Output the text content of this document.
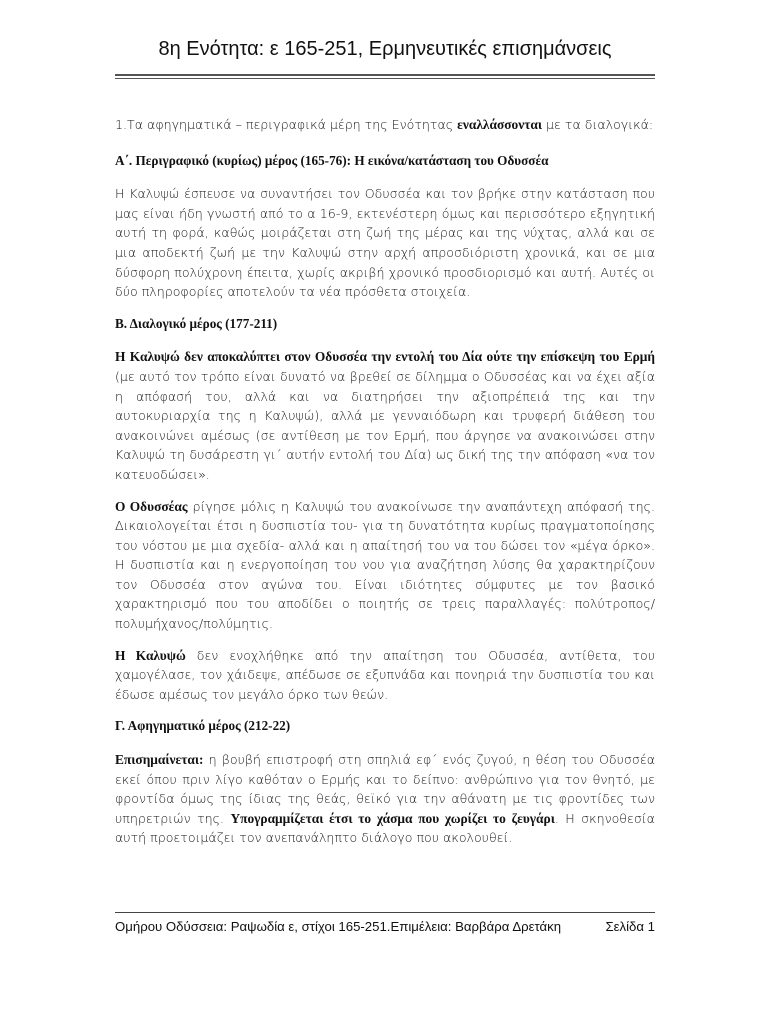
8η Ενότητα: ε 165-251, Ερμηνευτικές επισημάνσεις

1.Τα αφηγηματικά – περιγραφικά μέρη της Ενότητας εναλλάσσονται με τα διαλογικά:

Α΄. Περιγραφικό (κυρίως) μέρος (165-76): Η εικόνα/κατάσταση του Οδυσσέα

Η Καλυψώ έσπευσε να συναντήσει τον Οδυσσέα και τον βρήκε στην κατάσταση που μας είναι ήδη γνωστή από το α 16-9, εκτενέστερη όμως και περισσότερο εξηγητική αυτή τη φορά, καθώς μοιράζεται στη ζωή της μέρας και της νύχτας, αλλά και σε μια αποδεκτή ζωή με την Καλυψώ στην αρχή απροσδιόριστη χρονικά, και σε μια δύσφορη πολύχρονη έπειτα, χωρίς ακριβή χρονικό προσδιορισμό και αυτή. Αυτές οι δύο πληροφορίες αποτελούν τα νέα πρόσθετα στοιχεία.

Β. Διαλογικό μέρος (177-211)

Η Καλυψώ δεν αποκαλύπτει στον Οδυσσέα την εντολή του Δία ούτε την επίσκεψη του Ερμή (με αυτό τον τρόπο είναι δυνατό να βρεθεί σε δίλημμα ο Οδυσσέας και να έχει αξία η απόφασή του, αλλά και να διατηρήσει την αξιοπρέπειά της και την αυτοκυριαρχία της η Καλυψώ), αλλά με γενναιόδωρη και τρυφερή διάθεση του ανακοινώνει αμέσως (σε αντίθεση με τον Ερμή, που άργησε να ανακοινώσει στην Καλυψώ τη δυσάρεστη γι΄ αυτήν εντολή του Δία) ως δική της την απόφαση «να τον κατευοδώσει».

Ο Οδυσσέας ρίγησε μόλις η Καλυψώ του ανακοίνωσε την αναπάντεχη απόφασή της. Δικαιολογείται έτσι η δυσπιστία του- για τη δυνατότητα κυρίως πραγματοποίησης του νόστου με μια σχεδία- αλλά και η απαίτησή του να του δώσει τον «μέγα όρκο». Η δυσπιστία και η ενεργοποίηση του νου για αναζήτηση λύσης θα χαρακτηρίζουν τον Οδυσσέα στον αγώνα του. Είναι ιδιότητες σύμφυτες με τον βασικό χαρακτηρισμό που του αποδίδει ο ποιητής σε τρεις παραλλαγές: πολύτροπος/πολυμήχανος/πολύμητις.

Η Καλυψώ δεν ενοχλήθηκε από την απαίτηση του Οδυσσέα, αντίθετα, του χαμογέλασε, τον χάιδεψε, απέδωσε σε εξυπνάδα και πονηριά την δυσπιστία του και έδωσε αμέσως τον μεγάλο όρκο των θεών.

Γ. Αφηγηματικό μέρος (212-22)

Επισημαίνεται: η βουβή επιστροφή στη σπηλιά εφ΄ ενός ζυγού, η θέση του Οδυσσέα εκεί όπου πριν λίγο καθόταν ο Ερμής και το δείπνο: ανθρώπινο για τον θνητό, με φροντίδα όμως της ίδιας της θεάς, θεϊκό για την αθάνατη με τις φροντίδες των υπηρετριών της. Υπογραμμίζεται έτσι το χάσμα που χωρίζει το ζευγάρι. Η σκηνοθεσία αυτή προετοιμάζει τον ανεπανάληπτο διάλογο που ακολουθεί.

Ομήρου Οδύσσεια: Ραψωδία ε, στίχοι 165-251.Επιμέλεια: Βαρβάρα Δρετάκη	Σελίδα 1
